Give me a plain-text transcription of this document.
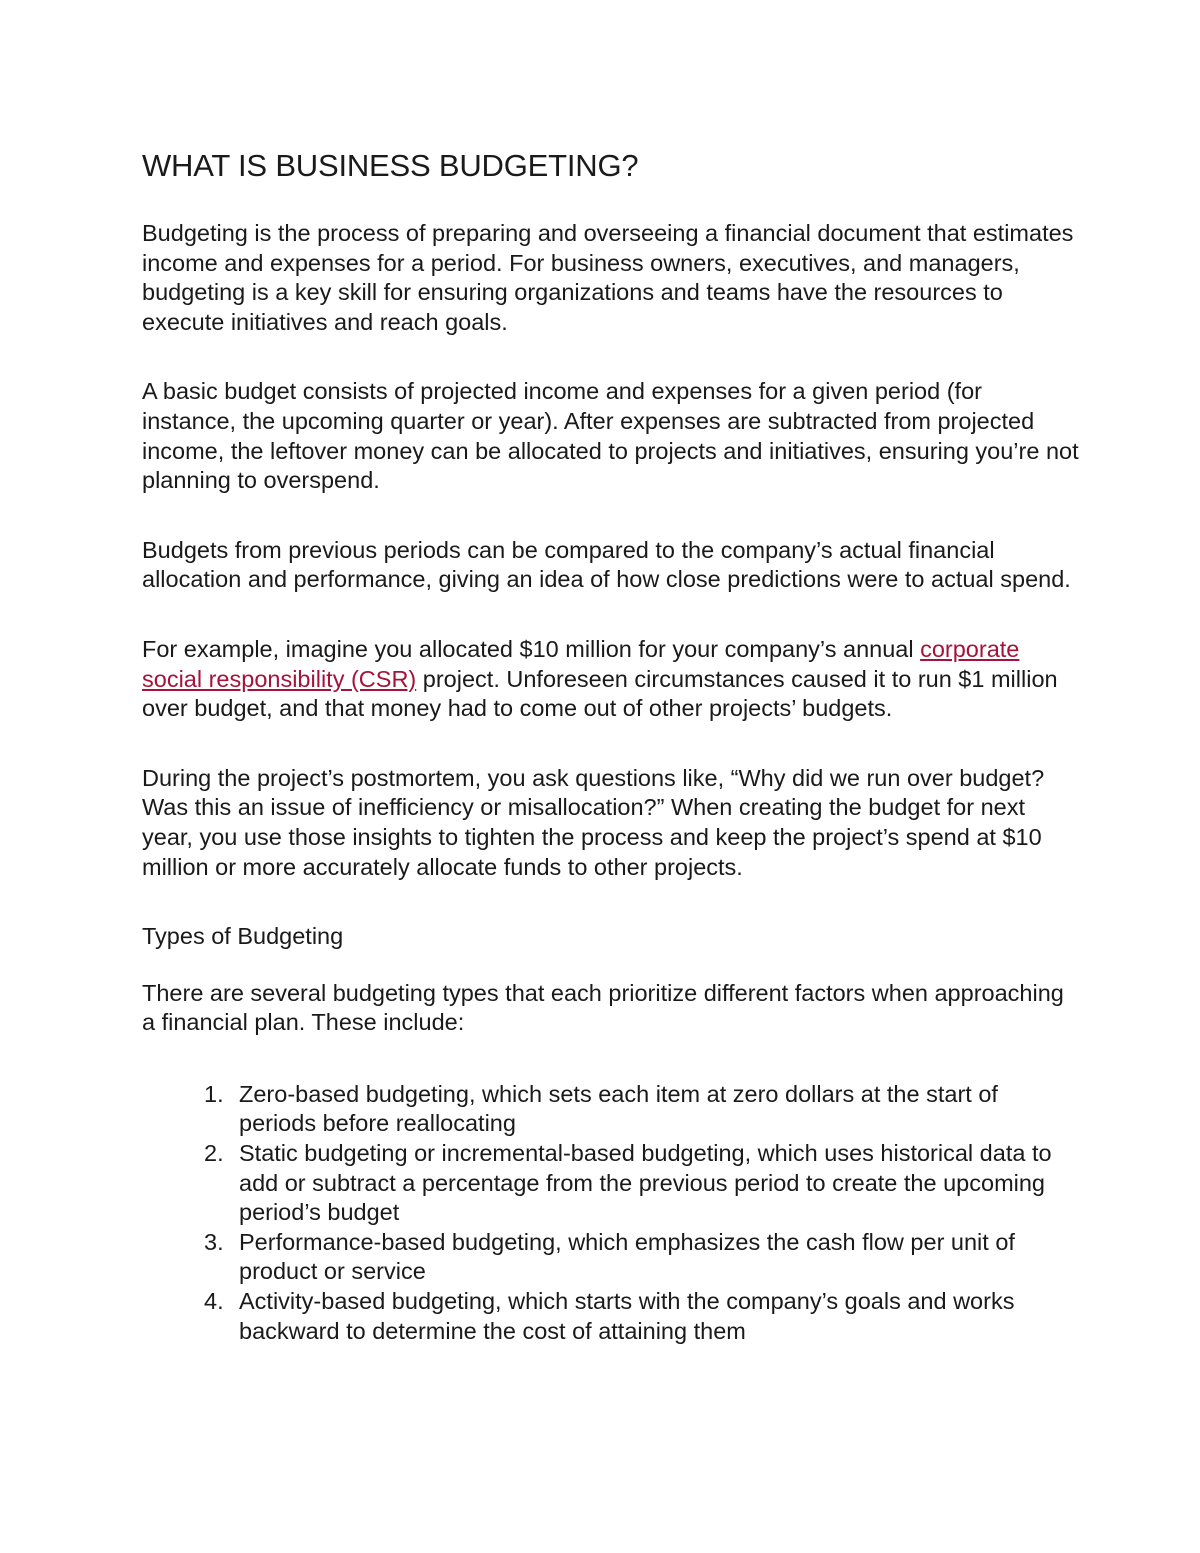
WHAT IS BUSINESS BUDGETING?

Budgeting is the process of preparing and overseeing a financial document that estimates income and expenses for a period. For business owners, executives, and managers, budgeting is a key skill for ensuring organizations and teams have the resources to execute initiatives and reach goals.

A basic budget consists of projected income and expenses for a given period (for instance, the upcoming quarter or year). After expenses are subtracted from projected income, the leftover money can be allocated to projects and initiatives, ensuring you’re not planning to overspend.

Budgets from previous periods can be compared to the company’s actual financial allocation and performance, giving an idea of how close predictions were to actual spend.

For example, imagine you allocated $10 million for your company’s annual corporate social responsibility (CSR) project. Unforeseen circumstances caused it to run $1 million over budget, and that money had to come out of other projects’ budgets.

During the project’s postmortem, you ask questions like, “Why did we run over budget? Was this an issue of inefficiency or misallocation?” When creating the budget for next year, you use those insights to tighten the process and keep the project’s spend at $10 million or more accurately allocate funds to other projects.

Types of Budgeting

There are several budgeting types that each prioritize different factors when approaching a financial plan. These include:

1. Zero-based budgeting, which sets each item at zero dollars at the start of periods before reallocating
2. Static budgeting or incremental-based budgeting, which uses historical data to add or subtract a percentage from the previous period to create the upcoming period’s budget
3. Performance-based budgeting, which emphasizes the cash flow per unit of product or service
4. Activity-based budgeting, which starts with the company’s goals and works backward to determine the cost of attaining them
